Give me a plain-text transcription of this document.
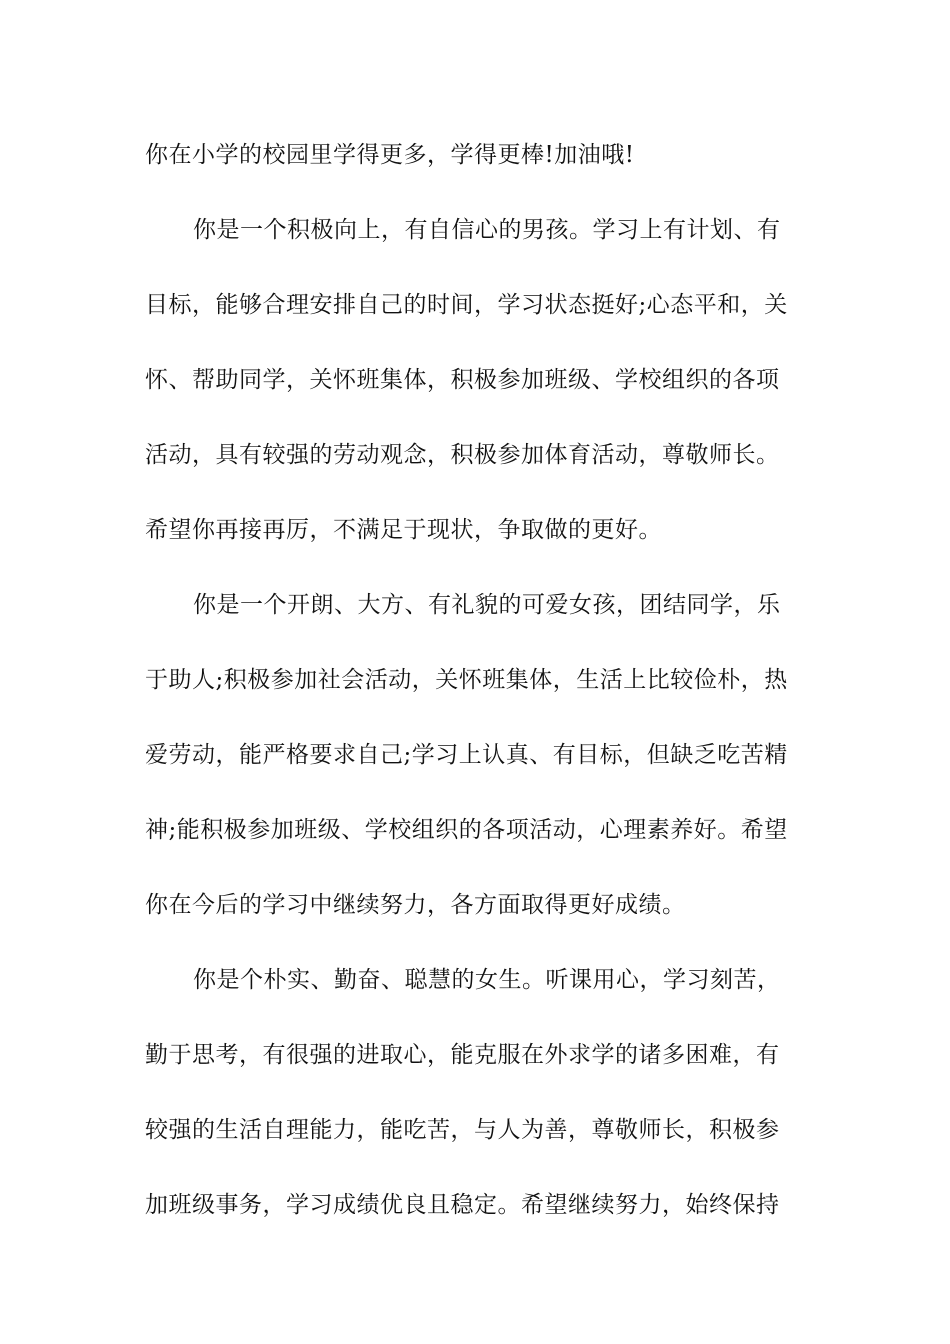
你在小学的校园里学得更多，学得更棒!加油哦!
你是一个积极向上，有自信心的男孩。学习上有计划、有
目标，能够合理安排自己的时间，学习状态挺好;心态平和，关
怀、帮助同学，关怀班集体，积极参加班级、学校组织的各项
活动，具有较强的劳动观念，积极参加体育活动，尊敬师长。
希望你再接再厉，不满足于现状，争取做的更好。
你是一个开朗、大方、有礼貌的可爱女孩，团结同学，乐
于助人;积极参加社会活动，关怀班集体，生活上比较俭朴，热
爱劳动，能严格要求自己;学习上认真、有目标，但缺乏吃苦精
神;能积极参加班级、学校组织的各项活动，心理素养好。希望
你在今后的学习中继续努力，各方面取得更好成绩。
你是个朴实、勤奋、聪慧的女生。听课用心，学习刻苦，
勤于思考，有很强的进取心，能克服在外求学的诸多困难，有
较强的生活自理能力，能吃苦，与人为善，尊敬师长，积极参
加班级事务，学习成绩优良且稳定。希望继续努力，始终保持
